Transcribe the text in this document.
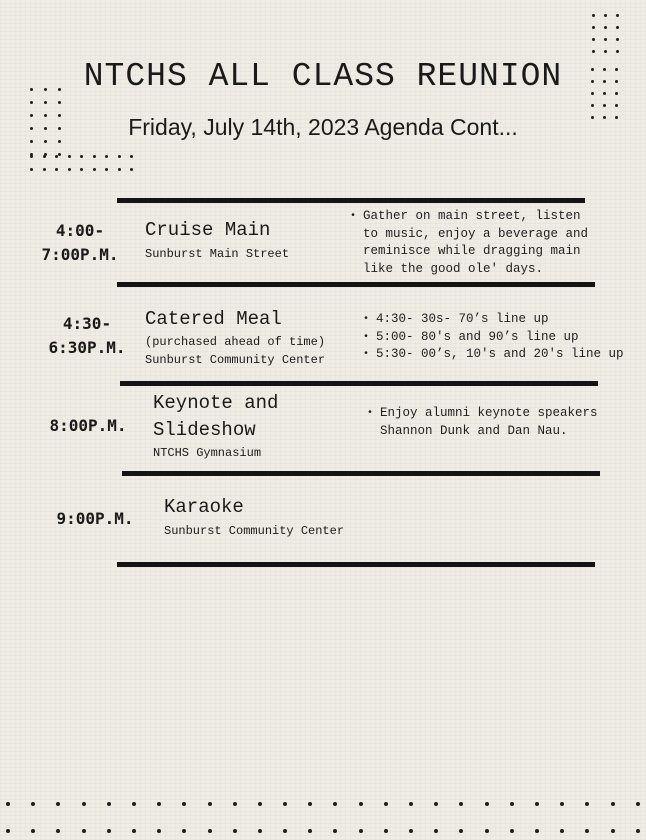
NTCHS ALL CLASS REUNION
Friday, July 14th, 2023 Agenda Cont...
4:00-
7:00P.M.
Cruise Main
Sunburst Main Street
• Gather on main street, listen to music, enjoy a beverage and reminisce while dragging main like the good ole' days.
4:30-
6:30P.M.
Catered Meal
(purchased ahead of time)
Sunburst Community Center
• 4:30- 30s- 70’s line up
• 5:00- 80's and 90’s line up
• 5:30- 00’s, 10's and 20's line up
8:00P.M.
Keynote and
Slideshow
NTCHS Gymnasium
• Enjoy alumni keynote speakers Shannon Dunk and Dan Nau.
9:00P.M.
Karaoke
Sunburst Community Center
